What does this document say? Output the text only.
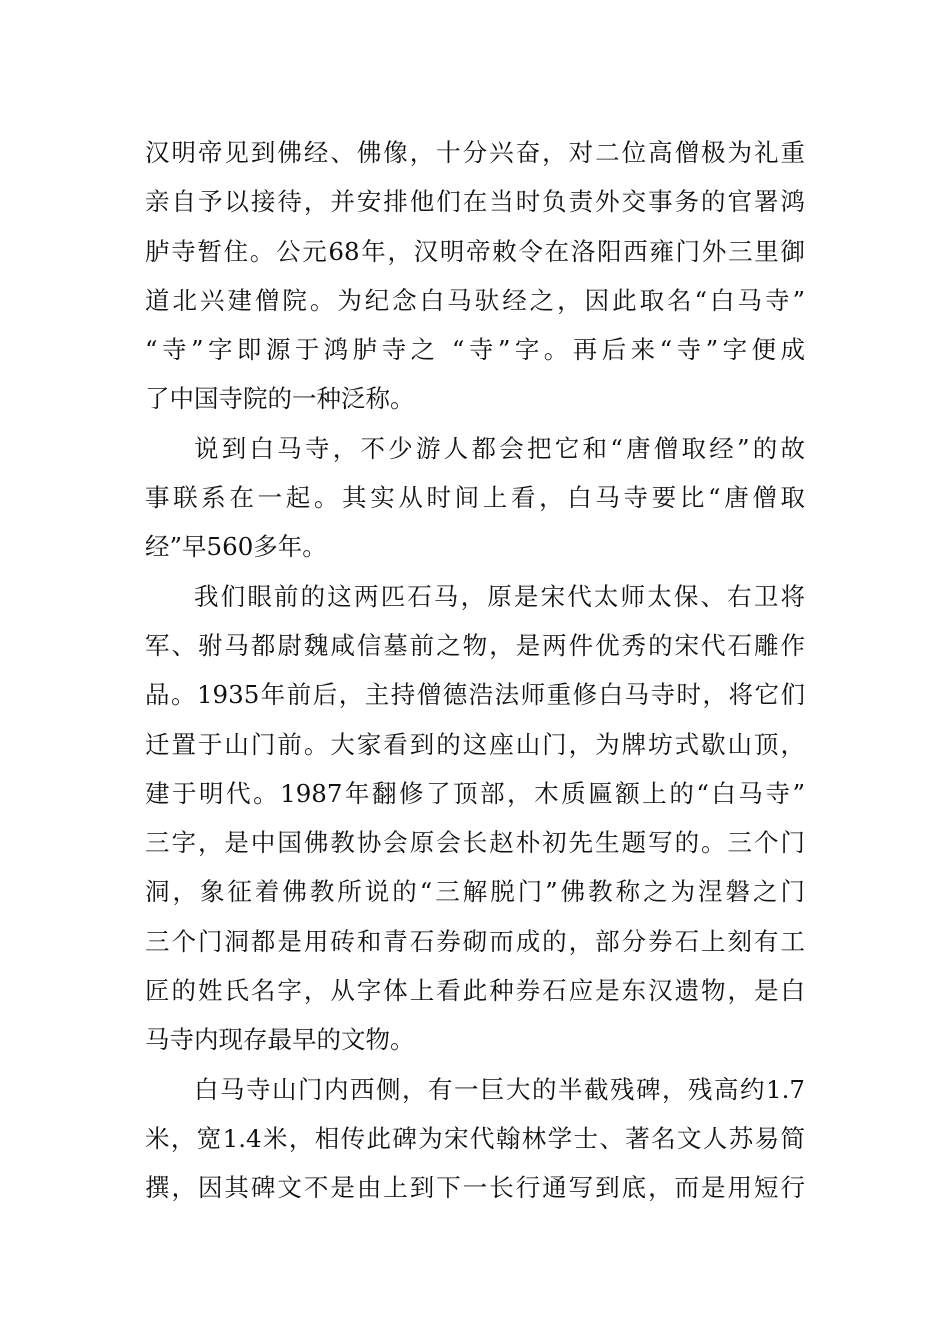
汉明帝见到佛经、佛像，十分兴奋，对二位高僧极为礼重
亲自予以接待，并安排他们在当时负责外交事务的官署鸿
胪寺暂住。公元68年，汉明帝敕令在洛阳西雍门外三里御
道北兴建僧院。为纪念白马驮经之，因此取名“白马寺”
“寺”字即源于鸿胪寺之 “寺”字。再后来“寺”字便成
了中国寺院的一种泛称。

说到白马寺，不少游人都会把它和“唐僧取经”的故
事联系在一起。其实从时间上看，白马寺要比“唐僧取
经”早560多年。

我们眼前的这两匹石马，原是宋代太师太保、右卫将
军、驸马都尉魏咸信墓前之物，是两件优秀的宋代石雕作
品。1935年前后，主持僧德浩法师重修白马寺时，将它们
迁置于山门前。大家看到的这座山门，为牌坊式歇山顶，
建于明代。1987年翻修了顶部，木质匾额上的“白马寺”
三字，是中国佛教协会原会长赵朴初先生题写的。三个门
洞，象征着佛教所说的“三解脱门”佛教称之为涅磐之门
三个门洞都是用砖和青石券砌而成的，部分券石上刻有工
匠的姓氏名字，从字体上看此种券石应是东汉遗物，是白
马寺内现存最早的文物。

白马寺山门内西侧，有一巨大的半截残碑，残高约1.7
米，宽1.4米，相传此碑为宋代翰林学士、著名文人苏易简
撰，因其碑文不是由上到下一长行通写到底，而是用短行
